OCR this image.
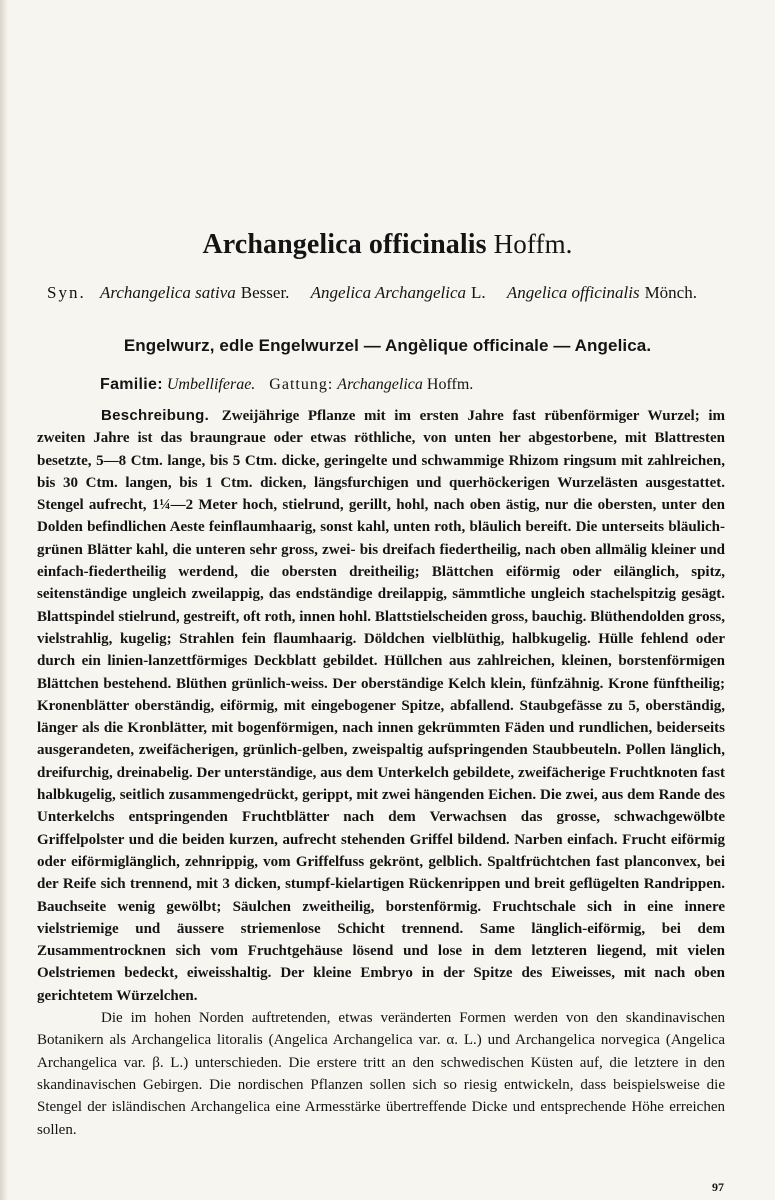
Archangelica officinalis Hoffm.
Syn. Archangelica sativa Besser. Angelica Archangelica L. Angelica officinalis Mönch.
Engelwurz, edle Engelwurzel — Angèlique officinale — Angelica.
Familie: Umbelliferae. Gattung: Archangelica Hoffm.

Beschreibung. Zweijährige Pflanze mit im ersten Jahre fast rübenförmiger Wurzel; im zweiten Jahre ist das braungraue oder etwas röthliche, von unten her abgestorbene, mit Blattresten besetzte, 5—8 Ctm. lange, bis 5 Ctm. dicke, geringelte und schwammige Rhizom ringsum mit zahlreichen, bis 30 Ctm. langen, bis 1 Ctm. dicken, längsfurchigen und querhöckerigen Wurzelästen ausgestattet. Stengel aufrecht, 1¼—2 Meter hoch, stielrund, gerillt, hohl, nach oben ästig, nur die obersten, unter den Dolden befindlichen Aeste feinflaumhaarig, sonst kahl, unten roth, bläulich bereift. Die unterseits bläulich-grünen Blätter kahl, die unteren sehr gross, zwei- bis dreifach fiedertheilig, nach oben allmälig kleiner und einfach-fiedertheilig werdend, die obersten dreitheilig; Blättchen eiförmig oder eilänglich, spitz, seitenständige ungleich zweilappig, das endständige dreilappig, sämmtliche ungleich stachelspitzig gesägt. Blattspindel stielrund, gestreift, oft roth, innen hohl. Blattstielscheiden gross, bauchig. Blüthendolden gross, vielstrahlig, kugelig; Strahlen fein flaumhaarig. Döldchen vielblüthig, halbkugelig. Hülle fehlend oder durch ein linien-lanzettförmiges Deckblatt gebildet. Hüllchen aus zahlreichen, kleinen, borstenförmigen Blättchen bestehend. Blüthen grünlich-weiss. Der oberständige Kelch klein, fünfzähnig. Krone fünftheilig; Kronenblätter oberständig, eiförmig, mit eingebogener Spitze, abfallend. Staubgefässe zu 5, oberständig, länger als die Kronblätter, mit bogenförmigen, nach innen gekrümmten Fäden und rundlichen, beiderseits ausgerandeten, zweifächerigen, grünlich-gelben, zweispaltig aufspringenden Staubbeuteln. Pollen länglich, dreifurchig, dreinabelig. Der unterständige, aus dem Unterkelch gebildete, zweifächerige Fruchtknoten fast halbkugelig, seitlich zusammengedrückt, gerippt, mit zwei hängenden Eichen. Die zwei, aus dem Rande des Unterkelchs entspringenden Fruchtblätter nach dem Verwachsen das grosse, schwachgewölbte Griffelpolster und die beiden kurzen, aufrecht stehenden Griffel bildend. Narben einfach. Frucht eiförmig oder eiförmiglänglich, zehnrippig, vom Griffelfuss gekrönt, gelblich. Spaltfrüchtchen fast planconvex, bei der Reife sich trennend, mit 3 dicken, stumpf-kielartigen Rückenrippen und breit geflügelten Randrippen. Bauchseite wenig gewölbt; Säulchen zweitheilig, borstenförmig. Fruchtschale sich in eine innere vielstriemige und äussere striemenlose Schicht trennend. Same länglich-eiförmig, bei dem Zusammentrocknen sich vom Fruchtgehäuse lösend und lose in dem letzteren liegend, mit vielen Oelstriemen bedeckt, eiweisshaltig. Der kleine Embryo in der Spitze des Eiweisses, mit nach oben gerichtetem Würzelchen.

Die im hohen Norden auftretenden, etwas veränderten Formen werden von den skandinavischen Botanikern als Archangelica litoralis (Angelica Archangelica var. α. L.) und Archangelica norvegica (Angelica Archangelica var. β. L.) unterschieden. Die erstere tritt an den schwedischen Küsten auf, die letztere in den skandinavischen Gebirgen. Die nordischen Pflanzen sollen sich so riesig entwickeln, dass beispielsweise die Stengel der isländischen Archangelica eine Armesstärke übertreffende Dicke und entsprechende Höhe erreichen sollen.

97
